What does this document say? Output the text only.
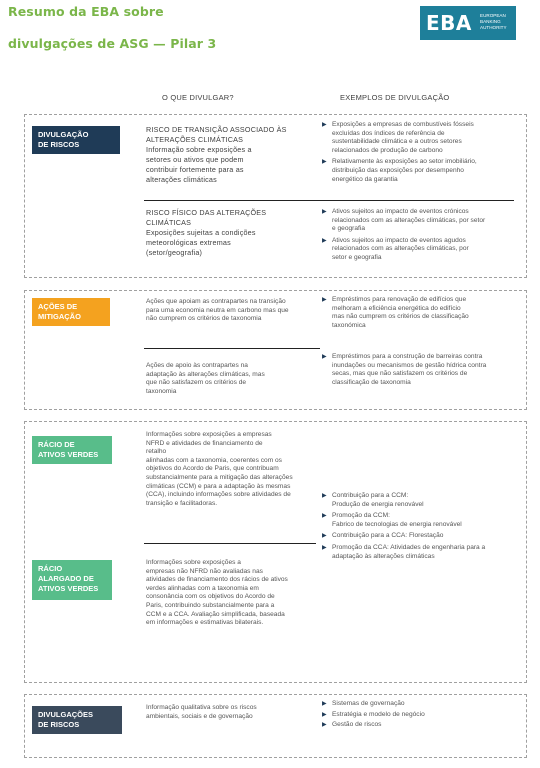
Resumo da EBA sobre
divulgações de ASG — Pilar 3
EBA EUROPEAN
BANKING
AUTHORITY
O QUE DIVULGAR?	EXEMPLOS DE DIVULGAÇÃO
DIVULGAÇÃO
DE RISCOS
RISCO DE TRANSIÇÃO ASSOCIADO ÀS
ALTERAÇÕES CLIMÁTICAS
Informação sobre exposições a
setores ou ativos que podem
contribuir fortemente para as
alterações climáticas
RISCO FÍSICO DAS ALTERAÇÕES
CLIMÁTICAS
Exposições sujeitas a condições
meteorológicas extremas
(setor/geografia)
▶ Exposições a empresas de combustíveis fósseis
excluídas dos índices de referência de
sustentabilidade climática e a outros setores
relacionados de produção de carbono
▶ Relativamente às exposições ao setor imobiliário,
distribuição das exposições por desempenho
energético da garantia
▶ Ativos sujeitos ao impacto de eventos crónicos
relacionados com as alterações climáticas, por setor
e geografia
▶ Ativos sujeitos ao impacto de eventos agudos
relacionados com as alterações climáticas, por
setor e geografia
AÇÕES DE
MITIGAÇÃO
Ações que apoiam as contrapartes na transição
para uma economia neutra em carbono mas que
não cumprem os critérios de taxonomia
Ações de apoio às contrapartes na
adaptação às alterações climáticas, mas
que não satisfazem os critérios de
taxonomia
▶ Empréstimos para renovação de edifícios que
melhoram a eficiência energética do edifício
mas não cumprem os critérios de classificação
taxonómica
▶ Empréstimos para a construção de barreiras contra
inundações ou mecanismos de gestão hídrica contra
secas, mas que não satisfazem os critérios de
classificação de taxonomia
RÁCIO DE
ATIVOS VERDES
Informações sobre exposições a empresas
NFRD e atividades de financiamento de
retalho
alinhadas com a taxonomia, coerentes com os
objetivos do Acordo de Paris, que contribuam
substancialmente para a mitigação das alterações
climáticas (CCM) e para a adaptação às mesmas
(CCA), incluindo informações sobre atividades de
transição e facilitadoras.
RÁCIO
ALARGADO DE
ATIVOS VERDES
Informações sobre exposições a
empresas não NFRD não avaliadas nas
atividades de financiamento dos rácios de ativos
verdes alinhadas com a taxonomia em
consonância com os objetivos do Acordo de
Paris, contribuindo substancialmente para a
CCM e a CCA. Avaliação simplificada, baseada
em informações e estimativas bilaterais.
▶ Contribuição para a CCM:
Produção de energia renovável
▶ Promoção da CCM:
Fabrico de tecnologias de energia renovável
▶ Contribuição para a CCA: Florestação
▶ Promoção da CCA: Atividades de engenharia para a
adaptação às alterações climáticas
DIVULGAÇÕES
DE RISCOS
Informação qualitativa sobre os riscos
ambientais, sociais e de governação
▶ Sistemas de governação
▶ Estratégia e modelo de negócio
▶ Gestão de riscos
